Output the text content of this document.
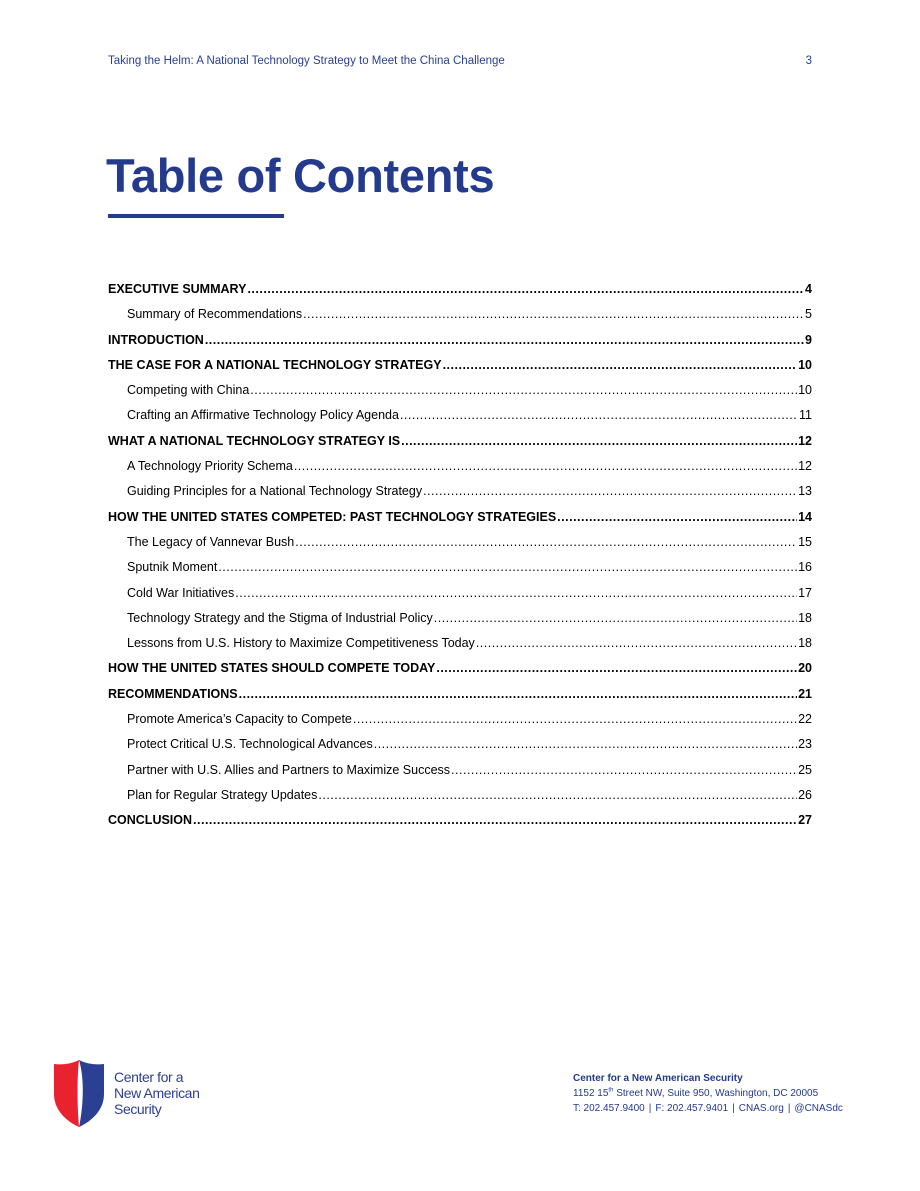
Taking the Helm: A National Technology Strategy to Meet the China Challenge	3
Table of Contents
EXECUTIVE SUMMARY .....	4
Summary of Recommendations .....	5
INTRODUCTION .....	9
THE CASE FOR A NATIONAL TECHNOLOGY STRATEGY .....	10
Competing with China .....	10
Crafting an Affirmative Technology Policy Agenda .....	11
WHAT A NATIONAL TECHNOLOGY STRATEGY IS .....	12
A Technology Priority Schema .....	12
Guiding Principles for a National Technology Strategy .....	13
HOW THE UNITED STATES COMPETED: PAST TECHNOLOGY STRATEGIES .....	14
The Legacy of Vannevar Bush .....	15
Sputnik Moment .....	16
Cold War Initiatives .....	17
Technology Strategy and the Stigma of Industrial Policy .....	18
Lessons from U.S. History to Maximize Competitiveness Today .....	18
HOW THE UNITED STATES SHOULD COMPETE TODAY .....	20
RECOMMENDATIONS .....	21
Promote America’s Capacity to Compete .....	22
Protect Critical U.S. Technological Advances .....	23
Partner with U.S. Allies and Partners to Maximize Success .....	25
Plan for Regular Strategy Updates .....	26
CONCLUSION .....	27
Center for a
New American
Security
Center for a New American Security
1152 15th Street NW, Suite 950, Washington, DC 20005
T: 202.457.9400 | F: 202.457.9401 | CNAS.org | @CNASdc
